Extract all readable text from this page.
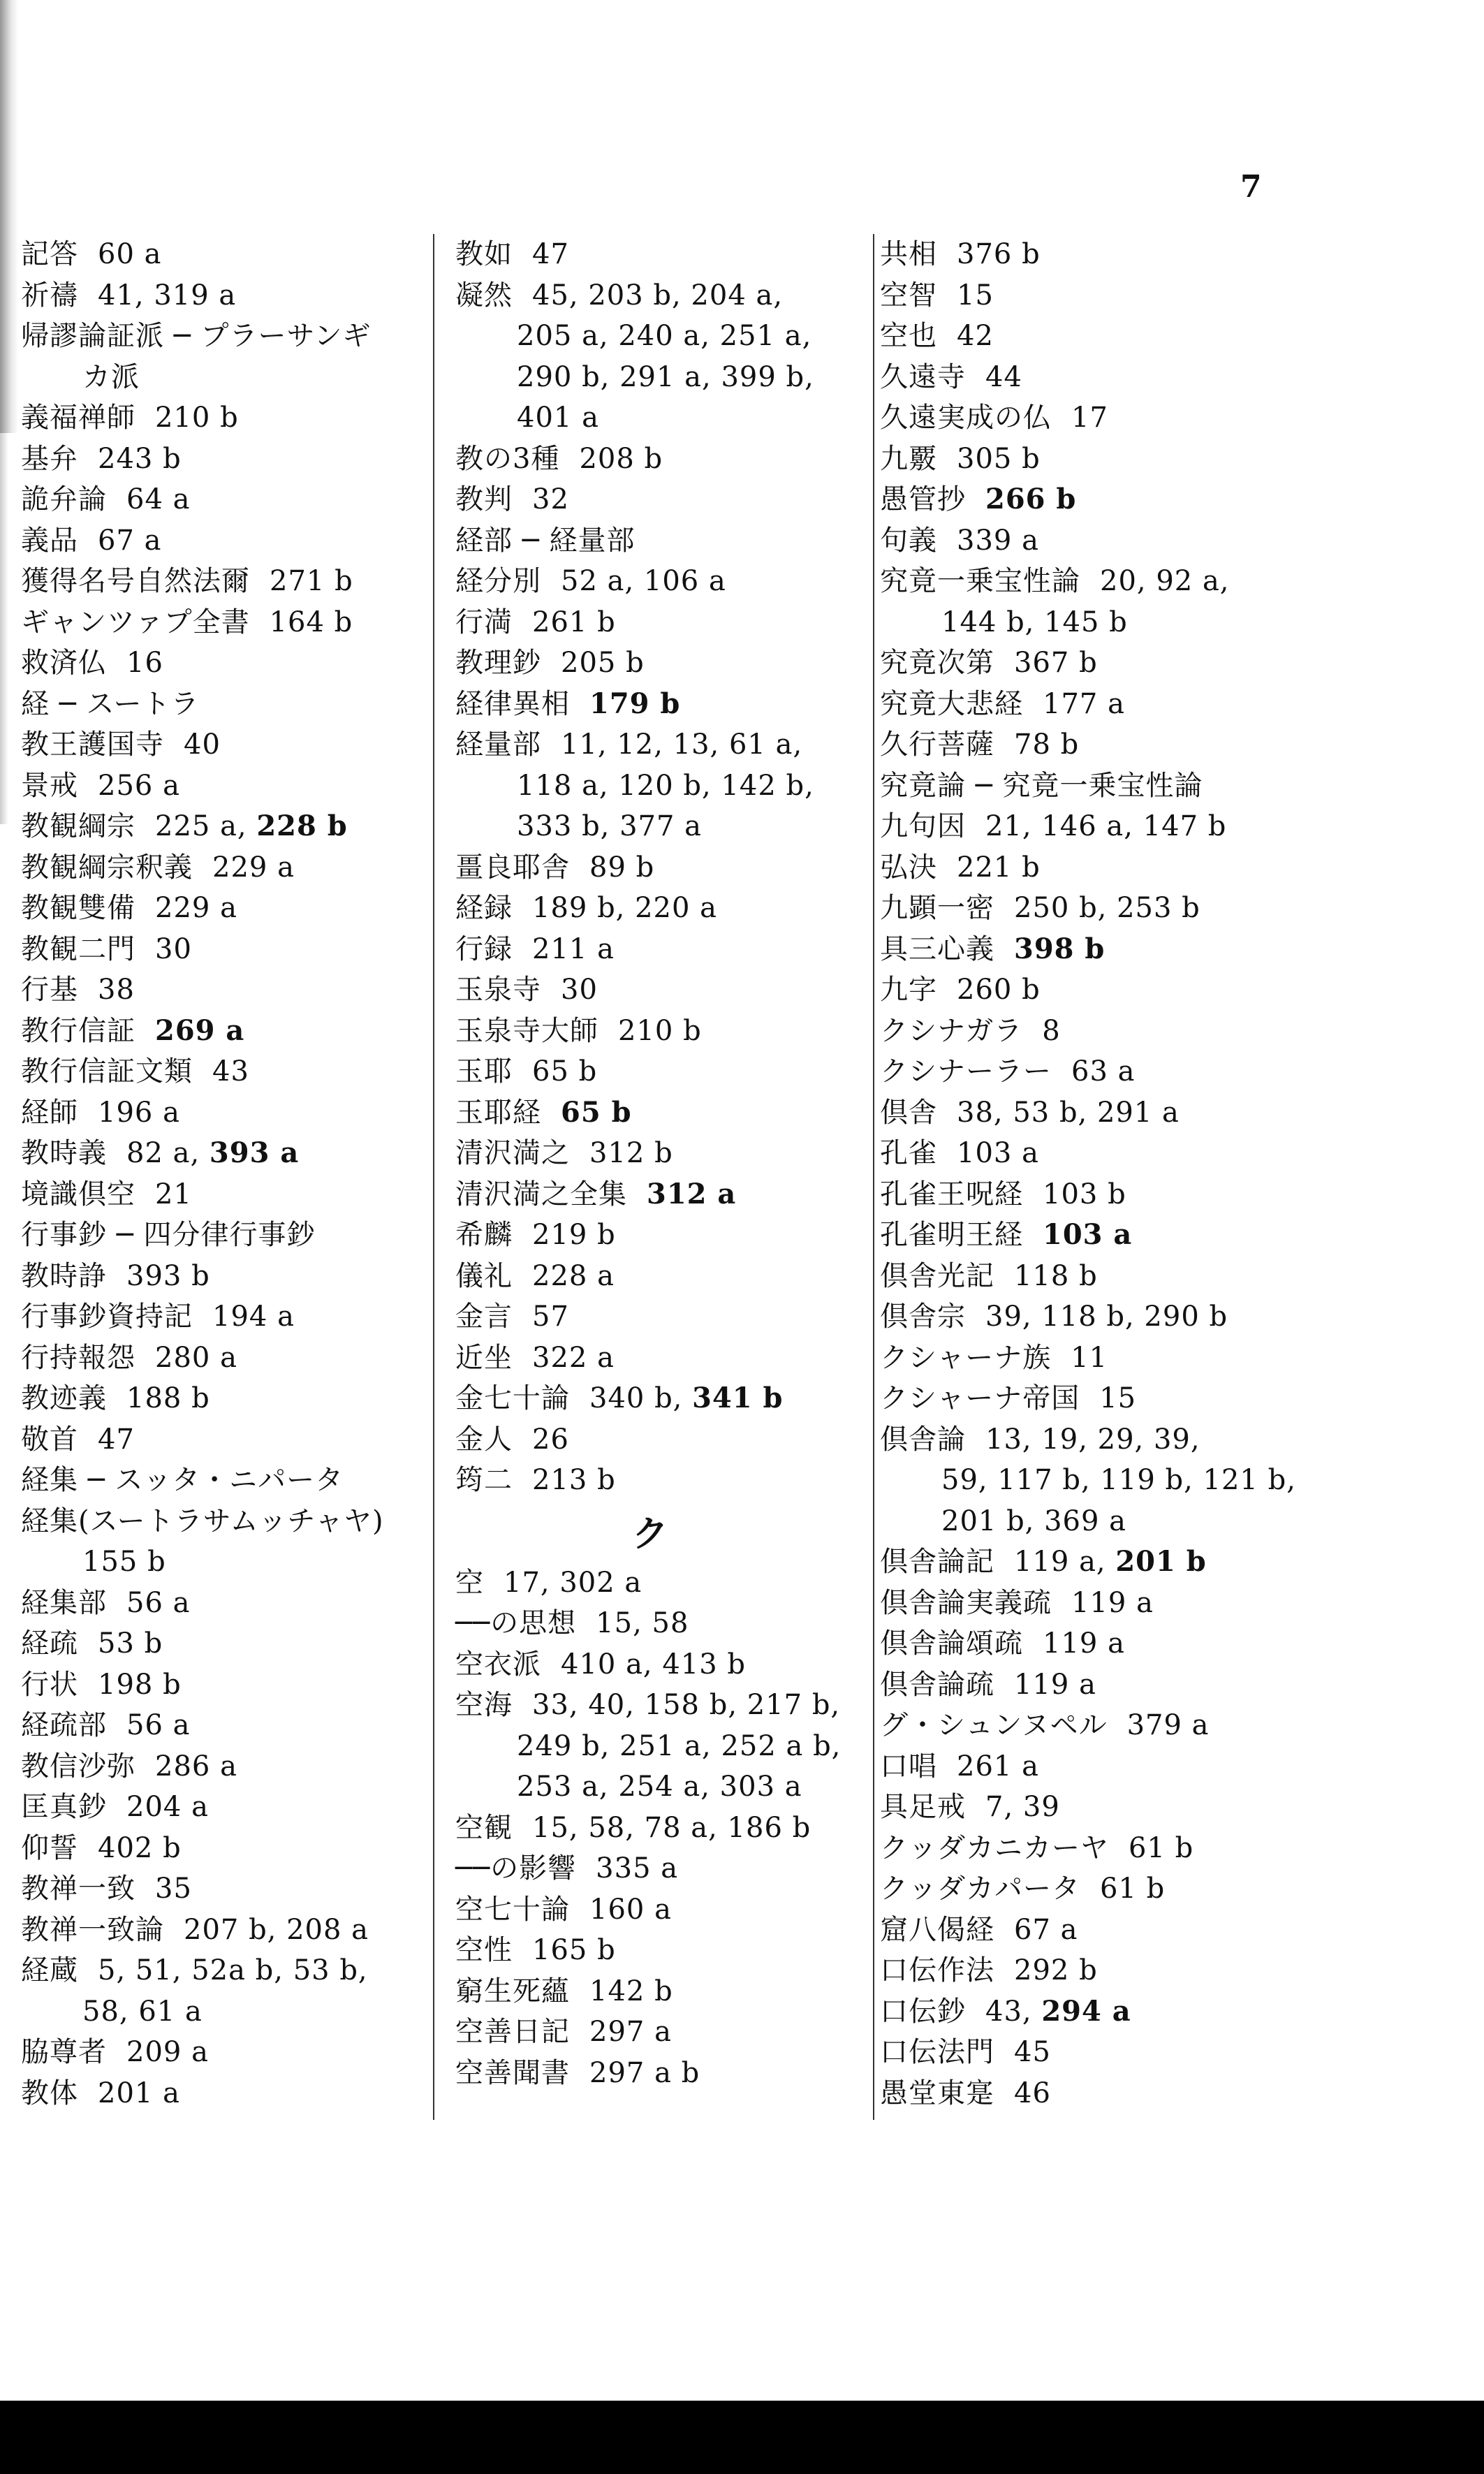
7
記答 60 a
祈禱 41, 319 a
帰謬論証派 ─ プラーサンギ
カ派
義福禅師 210 b
基弁 243 b
詭弁論 64 a
義品 67 a
獲得名号自然法爾 271 b
ギャンツァプ全書 164 b
救済仏 16
経 ─ スートラ
教王護国寺 40
景戒 256 a
教観綱宗 225 a, 228 b
教観綱宗釈義 229 a
教観雙備 229 a
教観二門 30
行基 38
教行信証 269 a
教行信証文類 43
経師 196 a
教時義 82 a, 393 a
境識倶空 21
行事鈔 ─ 四分律行事鈔
教時諍 393 b
行事鈔資持記 194 a
行持報怨 280 a
教迹義 188 b
敬首 47
経集 ─ スッタ・ニパータ
経集(スートラサムッチャヤ)
155 b
経集部 56 a
経疏 53 b
行状 198 b
経疏部 56 a
教信沙弥 286 a
匡真鈔 204 a
仰誓 402 b
教禅一致 35
教禅一致論 207 b, 208 a
経蔵 5, 51, 52a b, 53 b,
58, 61 a
脇尊者 209 a
教体 201 a
教如 47
凝然 45, 203 b, 204 a,
205 a, 240 a, 251 a,
290 b, 291 a, 399 b,
401 a
教の3種 208 b
教判 32
経部 ─ 経量部
経分別 52 a, 106 a
行満 261 b
教理鈔 205 b
経律異相 179 b
経量部 11, 12, 13, 61 a,
118 a, 120 b, 142 b,
333 b, 377 a
畺良耶舎 89 b
経録 189 b, 220 a
行録 211 a
玉泉寺 30
玉泉寺大師 210 b
玉耶 65 b
玉耶経 65 b
清沢満之 312 b
清沢満之全集 312 a
希麟 219 b
儀礼 228 a
金言 57
近坐 322 a
金七十論 340 b, 341 b
金人 26
筠二 213 b
ク
空 17, 302 a
──の思想 15, 58
空衣派 410 a, 413 b
空海 33, 40, 158 b, 217 b,
249 b, 251 a, 252 a b,
253 a, 254 a, 303 a
空観 15, 58, 78 a, 186 b
──の影響 335 a
空七十論 160 a
空性 165 b
窮生死蘊 142 b
空善日記 297 a
空善聞書 297 a b
共相 376 b
空智 15
空也 42
久遠寺 44
久遠実成の仏 17
九覈 305 b
愚管抄 266 b
句義 339 a
究竟一乗宝性論 20, 92 a,
144 b, 145 b
究竟次第 367 b
究竟大悲経 177 a
久行菩薩 78 b
究竟論 ─ 究竟一乗宝性論
九句因 21, 146 a, 147 b
弘決 221 b
九顕一密 250 b, 253 b
具三心義 398 b
九字 260 b
クシナガラ 8
クシナーラー 63 a
倶舎 38, 53 b, 291 a
孔雀 103 a
孔雀王呪経 103 b
孔雀明王経 103 a
倶舎光記 118 b
倶舎宗 39, 118 b, 290 b
クシャーナ族 11
クシャーナ帝国 15
倶舎論 13, 19, 29, 39,
59, 117 b, 119 b, 121 b,
201 b, 369 a
倶舎論記 119 a, 201 b
倶舎論実義疏 119 a
倶舎論頌疏 119 a
倶舎論疏 119 a
グ・シュンヌペル 379 a
口唱 261 a
具足戒 7, 39
クッダカニカーヤ 61 b
クッダカパータ 61 b
窟八偈経 67 a
口伝作法 292 b
口伝鈔 43, 294 a
口伝法門 45
愚堂東寔 46
